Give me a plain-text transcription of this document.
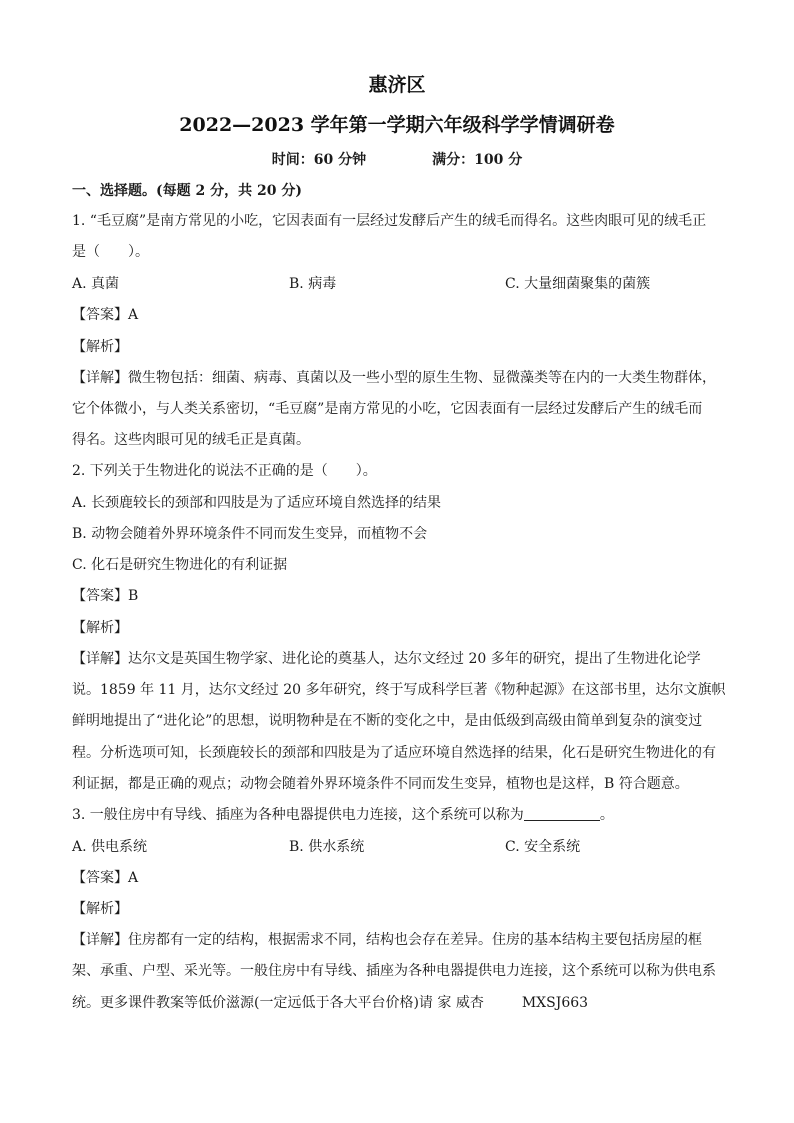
惠济区
2022—2023 学年第一学期六年级科学学情调研卷
时间：60 分钟	满分：100 分
一、选择题。(每题 2 分，共 20 分)
1. “毛豆腐”是南方常见的小吃，它因表面有一层经过发酵后产生的绒毛而得名。这些肉眼可见的绒毛正
是（　　）。
A. 真菌	B. 病毒	C. 大量细菌聚集的菌簇
【答案】A
【解析】
【详解】微生物包括：细菌、病毒、真菌以及一些小型的原生生物、显微藻类等在内的一大类生物群体，
它个体微小，与人类关系密切，“毛豆腐”是南方常见的小吃，它因表面有一层经过发酵后产生的绒毛而
得名。这些肉眼可见的绒毛正是真菌。
2. 下列关于生物进化的说法不正确的是（　　）。
A. 长颈鹿较长的颈部和四肢是为了适应环境自然选择的结果
B. 动物会随着外界环境条件不同而发生变异，而植物不会
C. 化石是研究生物进化的有利证据
【答案】B
【解析】
【详解】达尔文是英国生物学家、进化论的奠基人，达尔文经过 20 多年的研究，提出了生物进化论学
说。1859 年 11 月，达尔文经过 20 多年研究，终于写成科学巨著《物种起源》在这部书里，达尔文旗帜
鲜明地提出了“进化论”的思想，说明物种是在不断的变化之中，是由低级到高级由简单到复杂的演变过
程。分析选项可知，长颈鹿较长的颈部和四肢是为了适应环境自然选择的结果，化石是研究生物进化的有
利证据，都是正确的观点；动物会随着外界环境条件不同而发生变异，植物也是这样，B 符合题意。
3. 一般住房中有导线、插座为各种电器提供电力连接，这个系统可以称为	。
A. 供电系统	B. 供水系统	C. 安全系统
【答案】A
【解析】
【详解】住房都有一定的结构，根据需求不同，结构也会存在差异。住房的基本结构主要包括房屋的框
架、承重、户型、采光等。一般住房中有导线、插座为各种电器提供电力连接，这个系统可以称为供电系
统。更多课件教案等低价滋源(一定远低于各大平台价格)请 家 威杏	MXSJ663
